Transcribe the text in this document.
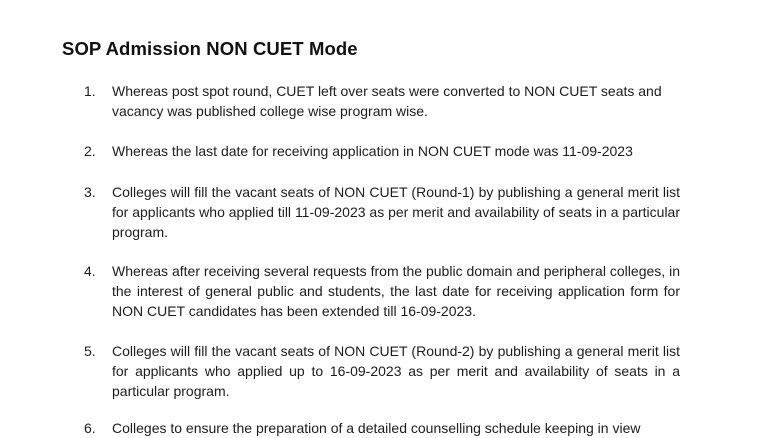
SOP Admission NON CUET Mode
1.	Whereas post spot round, CUET left over seats were converted to NON CUET seats and vacancy was published college wise program wise.
2.	Whereas the last date for receiving application in NON CUET mode was 11-09-2023
3.	Colleges will fill the vacant seats of NON CUET (Round-1) by publishing a general merit list for applicants who applied till 11-09-2023 as per merit and availability of seats in a particular program.
4.	Whereas after receiving several requests from the public domain and peripheral colleges, in the interest of general public and students, the last date for receiving application form for NON CUET candidates has been extended till 16-09-2023.
5.	Colleges will fill the vacant seats of NON CUET (Round-2) by publishing a general merit list for applicants who applied up to 16-09-2023 as per merit and availability of seats in a particular program.
6.	Colleges to ensure the preparation of a detailed counselling schedule keeping in view
